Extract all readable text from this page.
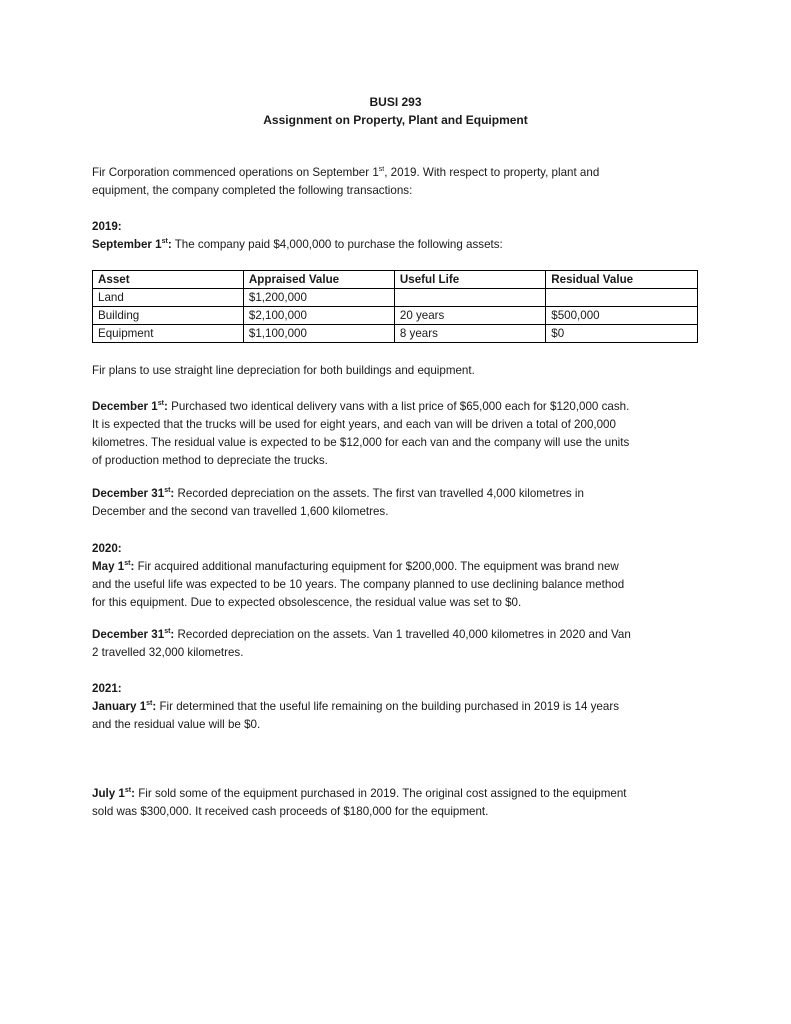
BUSI 293
Assignment on Property, Plant and Equipment
Fir Corporation commenced operations on September 1st, 2019. With respect to property, plant and
equipment, the company completed the following transactions:
2019:
September 1st: The company paid $4,000,000 to purchase the following assets:
Asset	Appraised Value	Useful Life	Residual Value
Land	$1,200,000		
Building	$2,100,000	20 years	$500,000
Equipment	$1,100,000	8 years	$0
Fir plans to use straight line depreciation for both buildings and equipment.
December 1st: Purchased two identical delivery vans with a list price of $65,000 each for $120,000 cash.
It is expected that the trucks will be used for eight years, and each van will be driven a total of 200,000
kilometres. The residual value is expected to be $12,000 for each van and the company will use the units
of production method to depreciate the trucks.
December 31st: Recorded depreciation on the assets. The first van travelled 4,000 kilometres in
December and the second van travelled 1,600 kilometres.
2020:
May 1st: Fir acquired additional manufacturing equipment for $200,000. The equipment was brand new
and the useful life was expected to be 10 years. The company planned to use declining balance method
for this equipment. Due to expected obsolescence, the residual value was set to $0.
December 31st: Recorded depreciation on the assets. Van 1 travelled 40,000 kilometres in 2020 and Van
2 travelled 32,000 kilometres.
2021:
January 1st: Fir determined that the useful life remaining on the building purchased in 2019 is 14 years
and the residual value will be $0.
July 1st: Fir sold some of the equipment purchased in 2019. The original cost assigned to the equipment
sold was $300,000. It received cash proceeds of $180,000 for the equipment.
